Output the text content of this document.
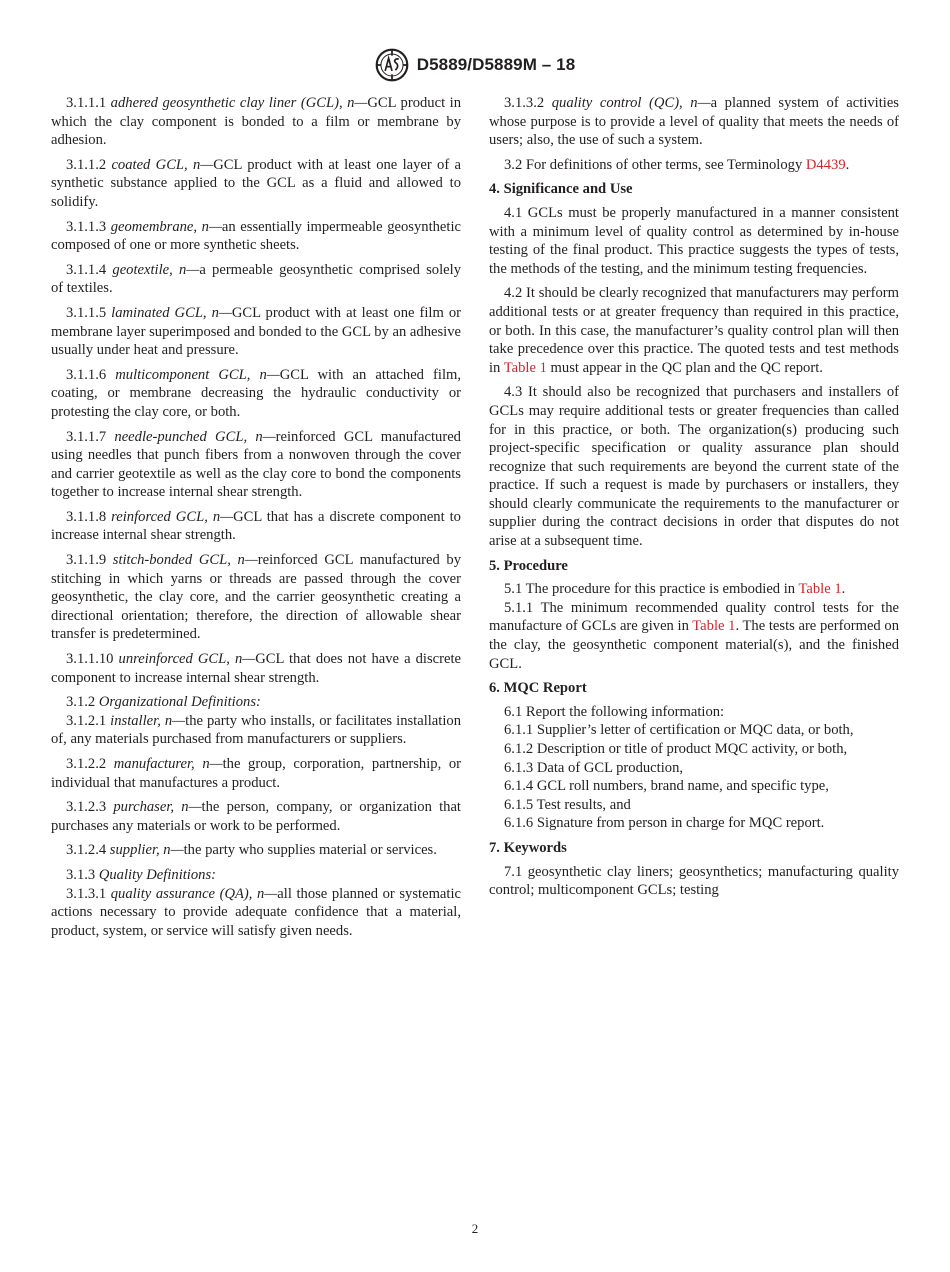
D5889/D5889M – 18

3.1.1.1 adhered geosynthetic clay liner (GCL), n—GCL product in which the clay component is bonded to a film or membrane by adhesion.

3.1.1.2 coated GCL, n—GCL product with at least one layer of a synthetic substance applied to the GCL as a fluid and allowed to solidify.

3.1.1.3 geomembrane, n—an essentially impermeable geosynthetic composed of one or more synthetic sheets.

3.1.1.4 geotextile, n—a permeable geosynthetic comprised solely of textiles.

3.1.1.5 laminated GCL, n—GCL product with at least one film or membrane layer superimposed and bonded to the GCL by an adhesive usually under heat and pressure.

3.1.1.6 multicomponent GCL, n—GCL with an attached film, coating, or membrane decreasing the hydraulic conductivity or protesting the clay core, or both.

3.1.1.7 needle-punched GCL, n—reinforced GCL manufactured using needles that punch fibers from a nonwoven through the cover and carrier geotextile as well as the clay core to bond the components together to increase internal shear strength.

3.1.1.8 reinforced GCL, n—GCL that has a discrete component to increase internal shear strength.

3.1.1.9 stitch-bonded GCL, n—reinforced GCL manufactured by stitching in which yarns or threads are passed through the cover geosynthetic, the clay core, and the carrier geosynthetic creating a directional orientation; therefore, the direction of allowable shear transfer is predetermined.

3.1.1.10 unreinforced GCL, n—GCL that does not have a discrete component to increase internal shear strength.

3.1.2 Organizational Definitions:

3.1.2.1 installer, n—the party who installs, or facilitates installation of, any materials purchased from manufacturers or suppliers.

3.1.2.2 manufacturer, n—the group, corporation, partnership, or individual that manufactures a product.

3.1.2.3 purchaser, n—the person, company, or organization that purchases any materials or work to be performed.

3.1.2.4 supplier, n—the party who supplies material or services.

3.1.3 Quality Definitions:

3.1.3.1 quality assurance (QA), n—all those planned or systematic actions necessary to provide adequate confidence that a material, product, system, or service will satisfy given needs.

3.1.3.2 quality control (QC), n—a planned system of activities whose purpose is to provide a level of quality that meets the needs of users; also, the use of such a system.

3.2 For definitions of other terms, see Terminology D4439.

4. Significance and Use

4.1 GCLs must be properly manufactured in a manner consistent with a minimum level of quality control as determined by in-house testing of the final product. This practice suggests the types of tests, the methods of the testing, and the minimum testing frequencies.

4.2 It should be clearly recognized that manufacturers may perform additional tests or at greater frequency than required in this practice, or both. In this case, the manufacturer’s quality control plan will then take precedence over this practice. The quoted tests and test methods in Table 1 must appear in the QC plan and the QC report.

4.3 It should also be recognized that purchasers and installers of GCLs may require additional tests or greater frequencies than called for in this practice, or both. The organization(s) producing such project-specific specification or quality assurance plan should recognize that such requirements are beyond the current state of the practice. If such a request is made by purchasers or installers, they should clearly communicate the requirements to the manufacturer or supplier during the contract decisions in order that disputes do not arise at a subsequent time.

5. Procedure

5.1 The procedure for this practice is embodied in Table 1.

5.1.1 The minimum recommended quality control tests for the manufacture of GCLs are given in Table 1. The tests are performed on the clay, the geosynthetic component material(s), and the finished GCL.

6. MQC Report

6.1 Report the following information:

6.1.1 Supplier’s letter of certification or MQC data, or both,

6.1.2 Description or title of product MQC activity, or both,

6.1.3 Data of GCL production,

6.1.4 GCL roll numbers, brand name, and specific type,

6.1.5 Test results, and

6.1.6 Signature from person in charge for MQC report.

7. Keywords

7.1 geosynthetic clay liners; geosynthetics; manufacturing quality control; multicomponent GCLs; testing

2
